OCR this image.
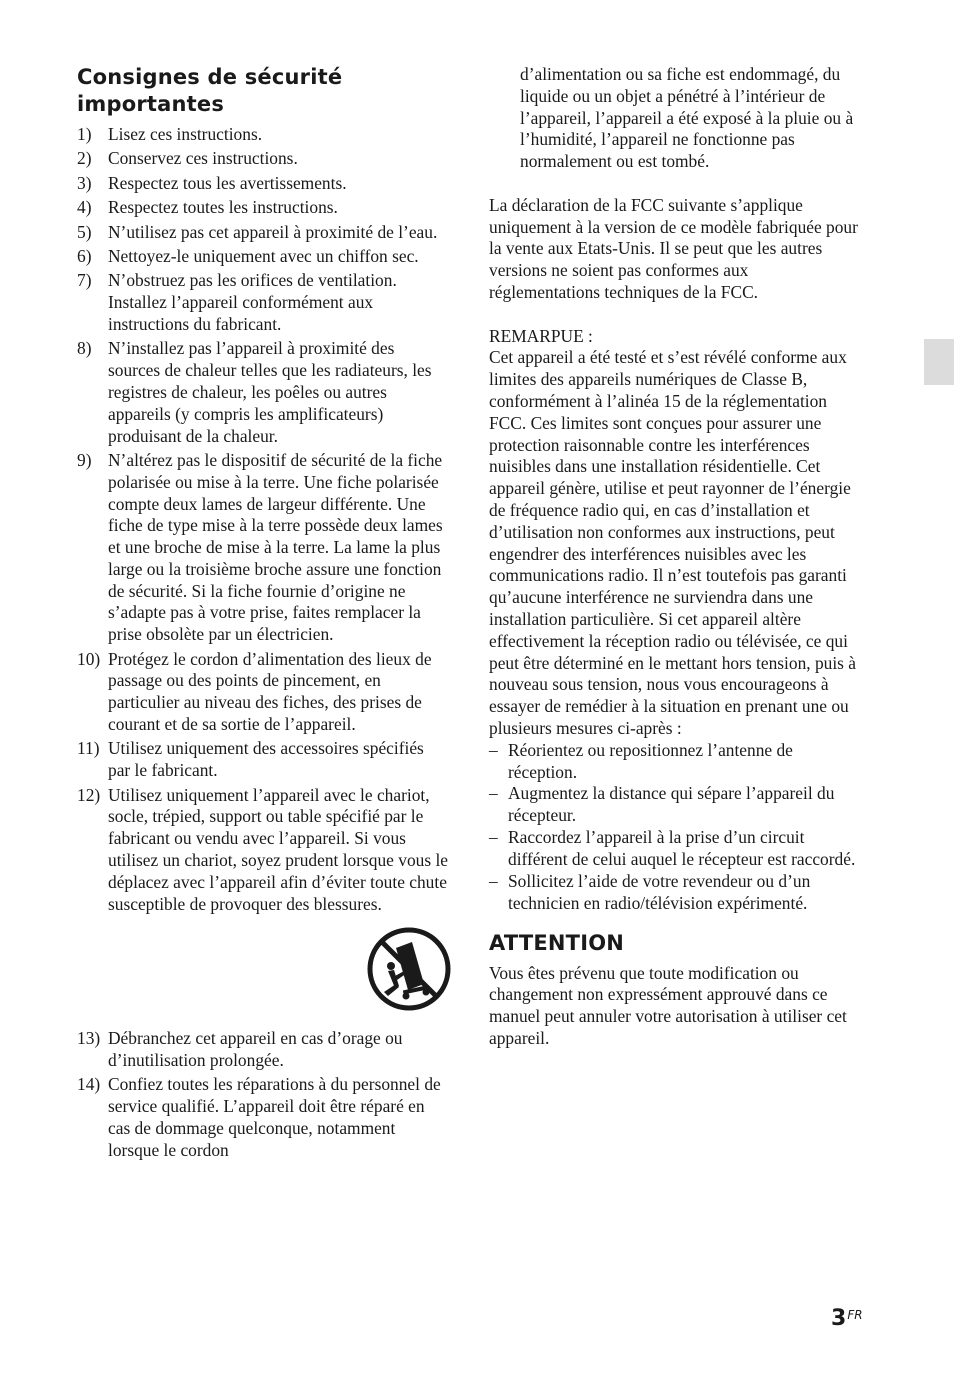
Consignes de sécurité importantes
1) Lisez ces instructions.
2) Conservez ces instructions.
3) Respectez tous les avertissements.
4) Respectez toutes les instructions.
5) N’utilisez pas cet appareil à proximité de l’eau.
6) Nettoyez-le uniquement avec un chiffon sec.
7) N’obstruez pas les orifices de ventilation. Installez l’appareil conformément aux instructions du fabricant.
8) N’installez pas l’appareil à proximité des sources de chaleur telles que les radiateurs, les registres de chaleur, les poêles ou autres appareils (y compris les amplificateurs) produisant de la chaleur.
9) N’altérez pas le dispositif de sécurité de la fiche polarisée ou mise à la terre. Une fiche polarisée compte deux lames de largeur différente. Une fiche de type mise à la terre possède deux lames et une broche de mise à la terre. La lame la plus large ou la troisième broche assure une fonction de sécurité. Si la fiche fournie d’origine ne s’adapte pas à votre prise, faites remplacer la prise obsolète par un électricien.
10) Protégez le cordon d’alimentation des lieux de passage ou des points de pincement, en particulier au niveau des fiches, des prises de courant et de sa sortie de l’appareil.
11) Utilisez uniquement des accessoires spécifiés par le fabricant.
12) Utilisez uniquement l’appareil avec le chariot, socle, trépied, support ou table spécifié par le fabricant ou vendu avec l’appareil. Si vous utilisez un chariot, soyez prudent lorsque vous le déplacez avec l’appareil afin d’éviter toute chute susceptible de provoquer des blessures.
13) Débranchez cet appareil en cas d’orage ou d’inutilisation prolongée.
14) Confiez toutes les réparations à du personnel de service qualifié. L’appareil doit être réparé en cas de dommage quelconque, notamment lorsque le cordon

d’alimentation ou sa fiche est endommagé, du liquide ou un objet a pénétré à l’intérieur de l’appareil, l’appareil a été exposé à la pluie ou à l’humidité, l’appareil ne fonctionne pas normalement ou est tombé.

La déclaration de la FCC suivante s’applique uniquement à la version de ce modèle fabriquée pour la vente aux Etats-Unis. Il se peut que les autres versions ne soient pas conformes aux réglementations techniques de la FCC.

REMARPUE :

Cet appareil a été testé et s’est révélé conforme aux limites des appareils numériques de Classe B, conformément à l’alinéa 15 de la réglementation FCC. Ces limites sont conçues pour assurer une protection raisonnable contre les interférences nuisibles dans une installation résidentielle. Cet appareil génère, utilise et peut rayonner de l’énergie de fréquence radio qui, en cas d’installation et d’utilisation non conformes aux instructions, peut engendrer des interférences nuisibles avec les communications radio. Il n’est toutefois pas garanti qu’aucune interférence ne surviendra dans une installation particulière. Si cet appareil altère effectivement la réception radio ou télévisée, ce qui peut être déterminé en le mettant hors tension, puis à nouveau sous tension, nous vous encourageons à essayer de remédier à la situation en prenant une ou plusieurs mesures ci-après :

– Réorientez ou repositionnez l’antenne de réception.
– Augmentez la distance qui sépare l’appareil du récepteur.
– Raccordez l’appareil à la prise d’un circuit différent de celui auquel le récepteur est raccordé.
– Sollicitez l’aide de votre revendeur ou d’un technicien en radio/télévision expérimenté.
ATTENTION

Vous êtes prévenu que toute modification ou changement non expressément approuvé dans ce manuel peut annuler votre autorisation à utiliser cet appareil.

$3^{FR}$
